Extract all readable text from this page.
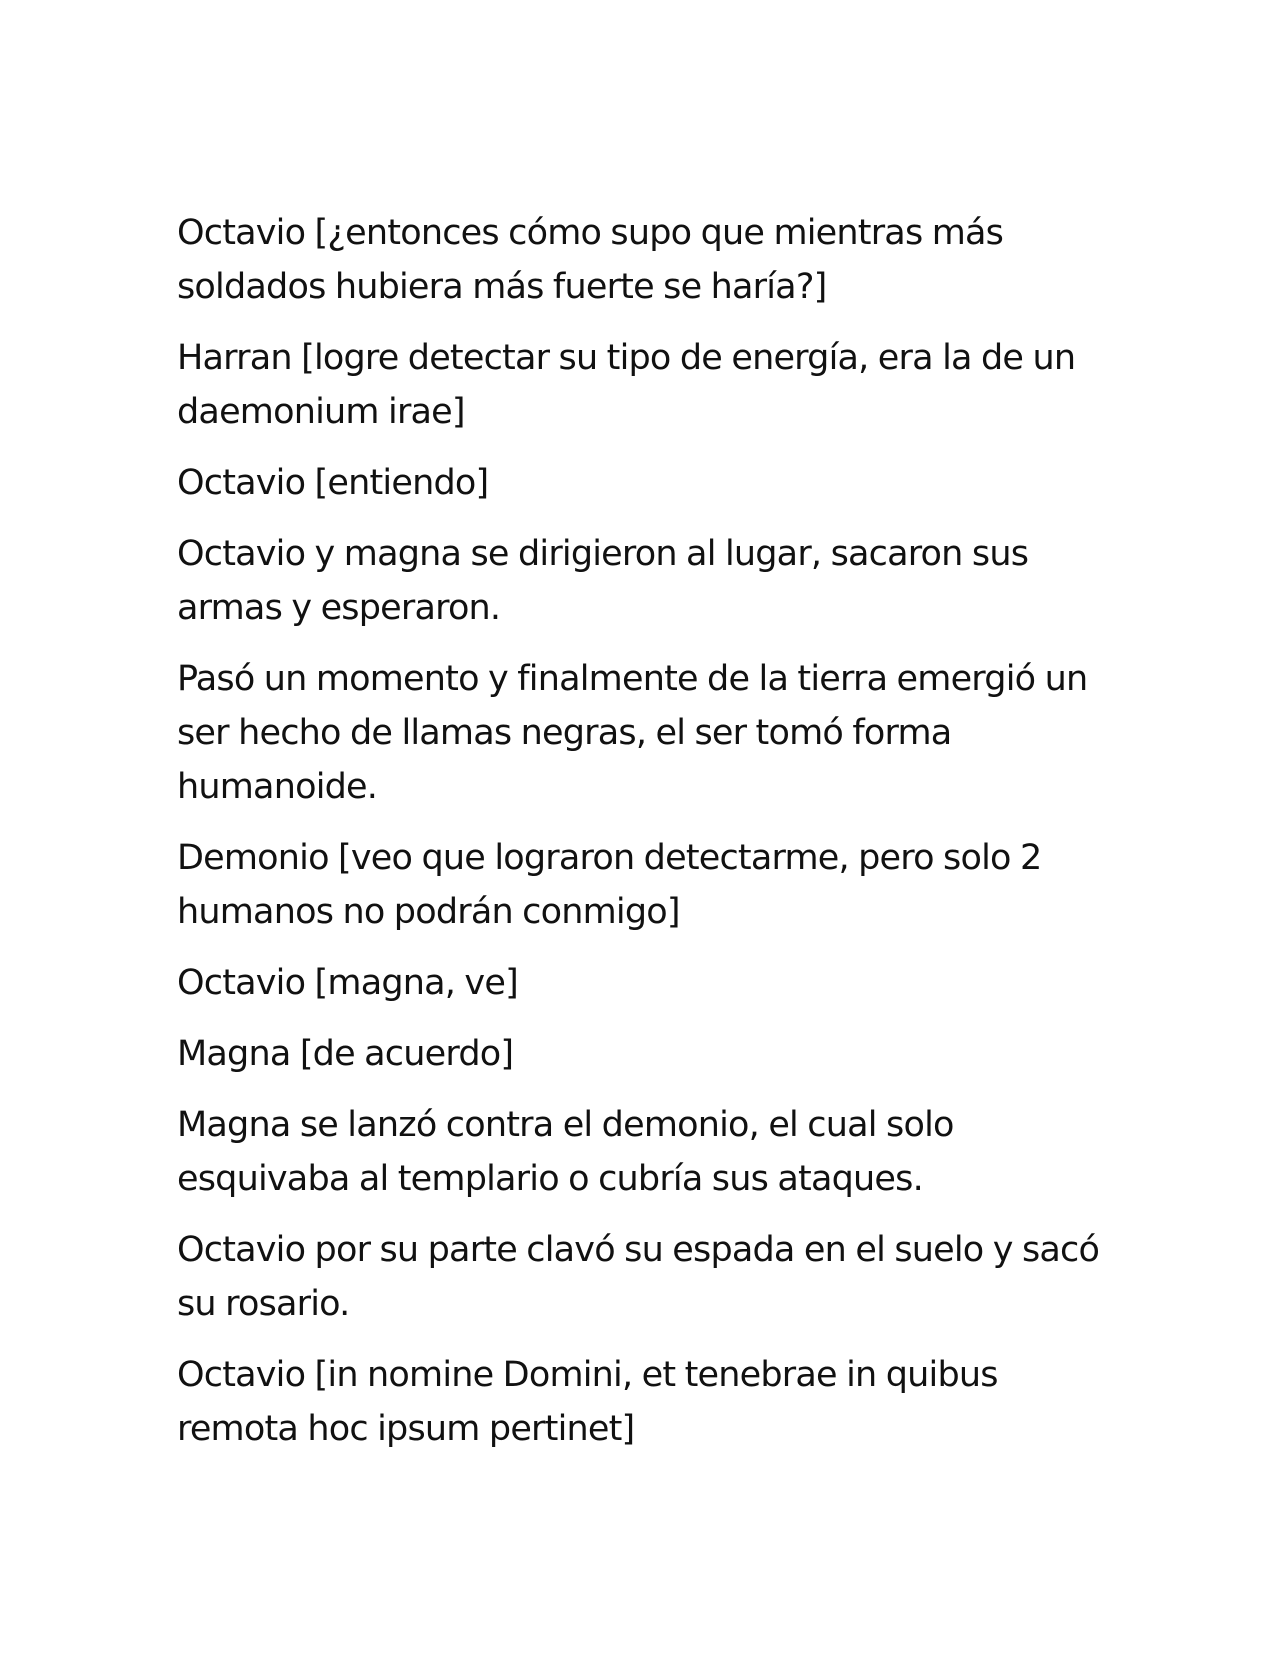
Octavio [¿entonces cómo supo que mientras más soldados hubiera más fuerte se haría?]

Harran [logre detectar su tipo de energía, era la de un daemonium irae]

Octavio [entiendo]

Octavio y magna se dirigieron al lugar, sacaron sus armas y esperaron.

Pasó un momento y finalmente de la tierra emergió un ser hecho de llamas negras, el ser tomó forma humanoide.

Demonio [veo que lograron detectarme, pero solo 2 humanos no podrán conmigo]

Octavio [magna, ve]

Magna [de acuerdo]

Magna se lanzó contra el demonio, el cual solo esquivaba al templario o cubría sus ataques.

Octavio por su parte clavó su espada en el suelo y sacó su rosario.

Octavio [in nomine Domini, et tenebrae in quibus remota hoc ipsum pertinet]
